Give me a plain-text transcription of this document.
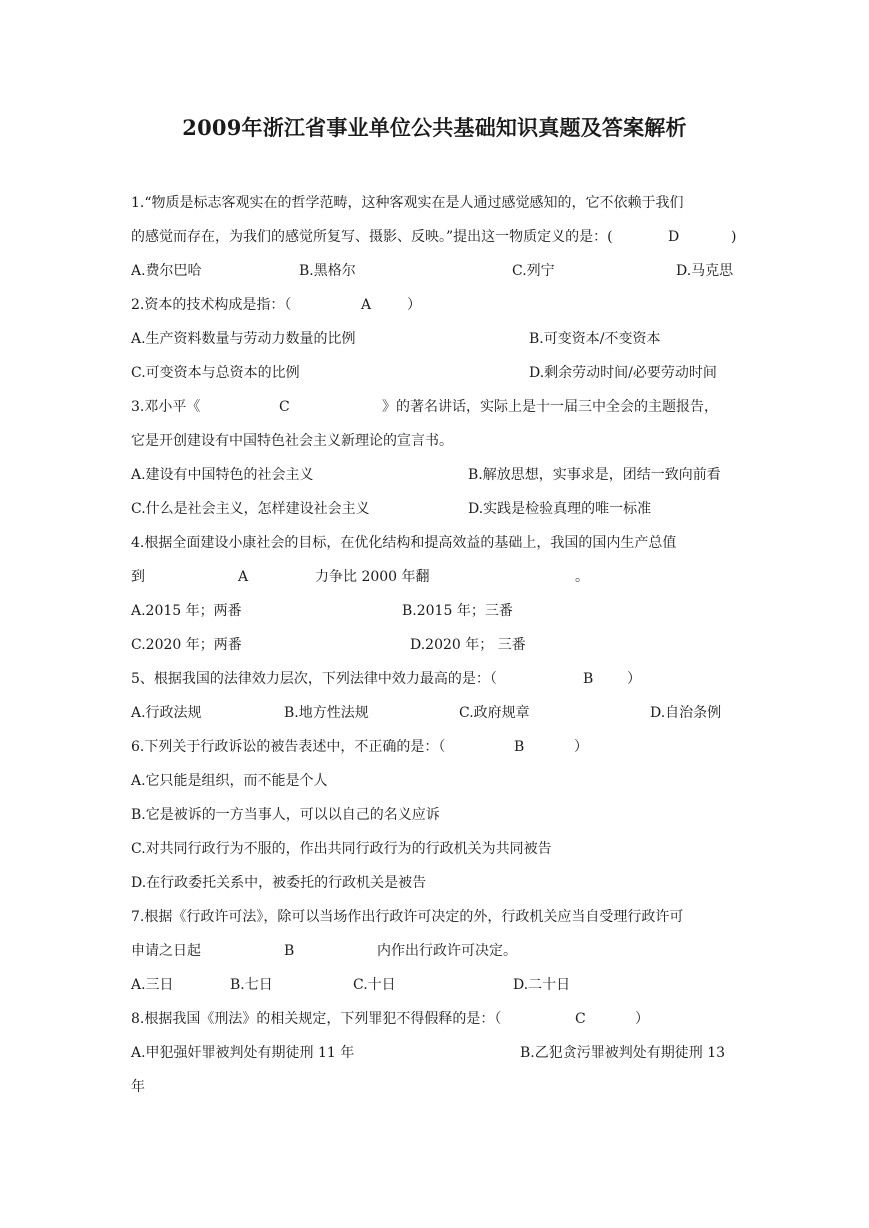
2009年浙江省事业单位公共基础知识真题及答案解析
1.“物质是标志客观实在的哲学范畴，这种客观实在是人通过感觉感知的，它不依赖于我们
的感觉而存在，为我们的感觉所复写、摄影、反映。”提出这一物质定义的是：(	D	)
A.费尔巴哈	B.黑格尔	C.列宁	D.马克思
2.资本的技术构成是指：（	A	）
A.生产资料数量与劳动力数量的比例	B.可变资本/不变资本
C.可变资本与总资本的比例	D.剩余劳动时间/必要劳动时间
3.邓小平《	C	》的著名讲话，实际上是十一届三中全会的主题报告，
它是开创建设有中国特色社会主义新理论的宣言书。
A.建设有中国特色的社会主义	B.解放思想，实事求是，团结一致向前看
C.什么是社会主义，怎样建设社会主义	D.实践是检验真理的唯一标准
4.根据全面建设小康社会的目标，在优化结构和提高效益的基础上，我国的国内生产总值
到	A	力争比 2000 年翻	。
A.2015 年；两番	B.2015 年；三番
C.2020 年；两番	D.2020 年； 三番
5、根据我国的法律效力层次，下列法律中效力最高的是：（	B ）
A.行政法规	B.地方性法规	C.政府规章	D.自治条例
6.下列关于行政诉讼的被告表述中，不正确的是：（	B	）
A.它只能是组织，而不能是个人
B.它是被诉的一方当事人，可以以自己的名义应诉
C.对共同行政行为不服的，作出共同行政行为的行政机关为共同被告
D.在行政委托关系中，被委托的行政机关是被告
7.根据《行政许可法》，除可以当场作出行政许可决定的外，行政机关应当自受理行政许可
申请之日起	B	内作出行政许可决定。
A.三日	B.七日	C.十日	D.二十日
8.根据我国《刑法》的相关规定，下列罪犯不得假释的是：（	C	）
A.甲犯强奸罪被判处有期徒刑 11 年	B.乙犯贪污罪被判处有期徒刑 13
年
